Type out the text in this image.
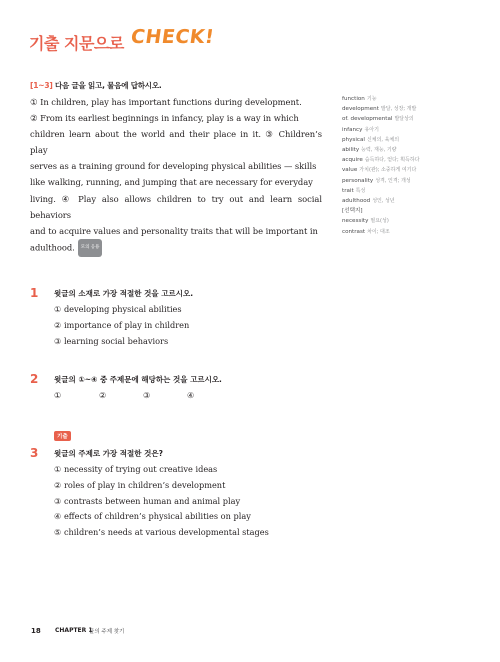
기출 지문으로 CHECK!
[1~3] 다음 글을 읽고, 물음에 답하시오.
① In children, play has important functions during development.
② From its earliest beginnings in infancy, play is a way in which
children learn about the world and their place in it. ③ Children’s play
serves as a training ground for developing physical abilities — skills
like walking, running, and jumping that are necessary for everyday
living. ④ Play also allows children to try out and learn social behaviors
and to acquire values and personality traits that will be important in
adulthood. 모의 응용
function 기능
development 발달, 성장; 개발
of. developmental 발달상의
infancy 유아기
physical 신체의, 육체의
ability 능력, 재능, 기량
acquire 습득하다, 얻다; 획득하다
value 가치(관); 소중하게 여기다
personality 성격, 인격; 개성
trait 특성
adulthood 성인, 성년
[선택지]
necessity 필요(성)
contrast 차이; 대조
1 윗글의 소재로 가장 적절한 것을 고르시오.
① developing physical abilities
② importance of play in children
③ learning social behaviors
2 윗글의 ①~④ 중 주제문에 해당하는 것을 고르시오.
①	②	③	④
기출
3 윗글의 주제로 가장 적절한 것은?
① necessity of trying out creative ideas
② roles of play in children’s development
③ contrasts between human and animal play
④ effects of children’s physical abilities on play
⑤ children’s needs at various developmental stages
18 CHAPTER 1
글의 주제 찾기
